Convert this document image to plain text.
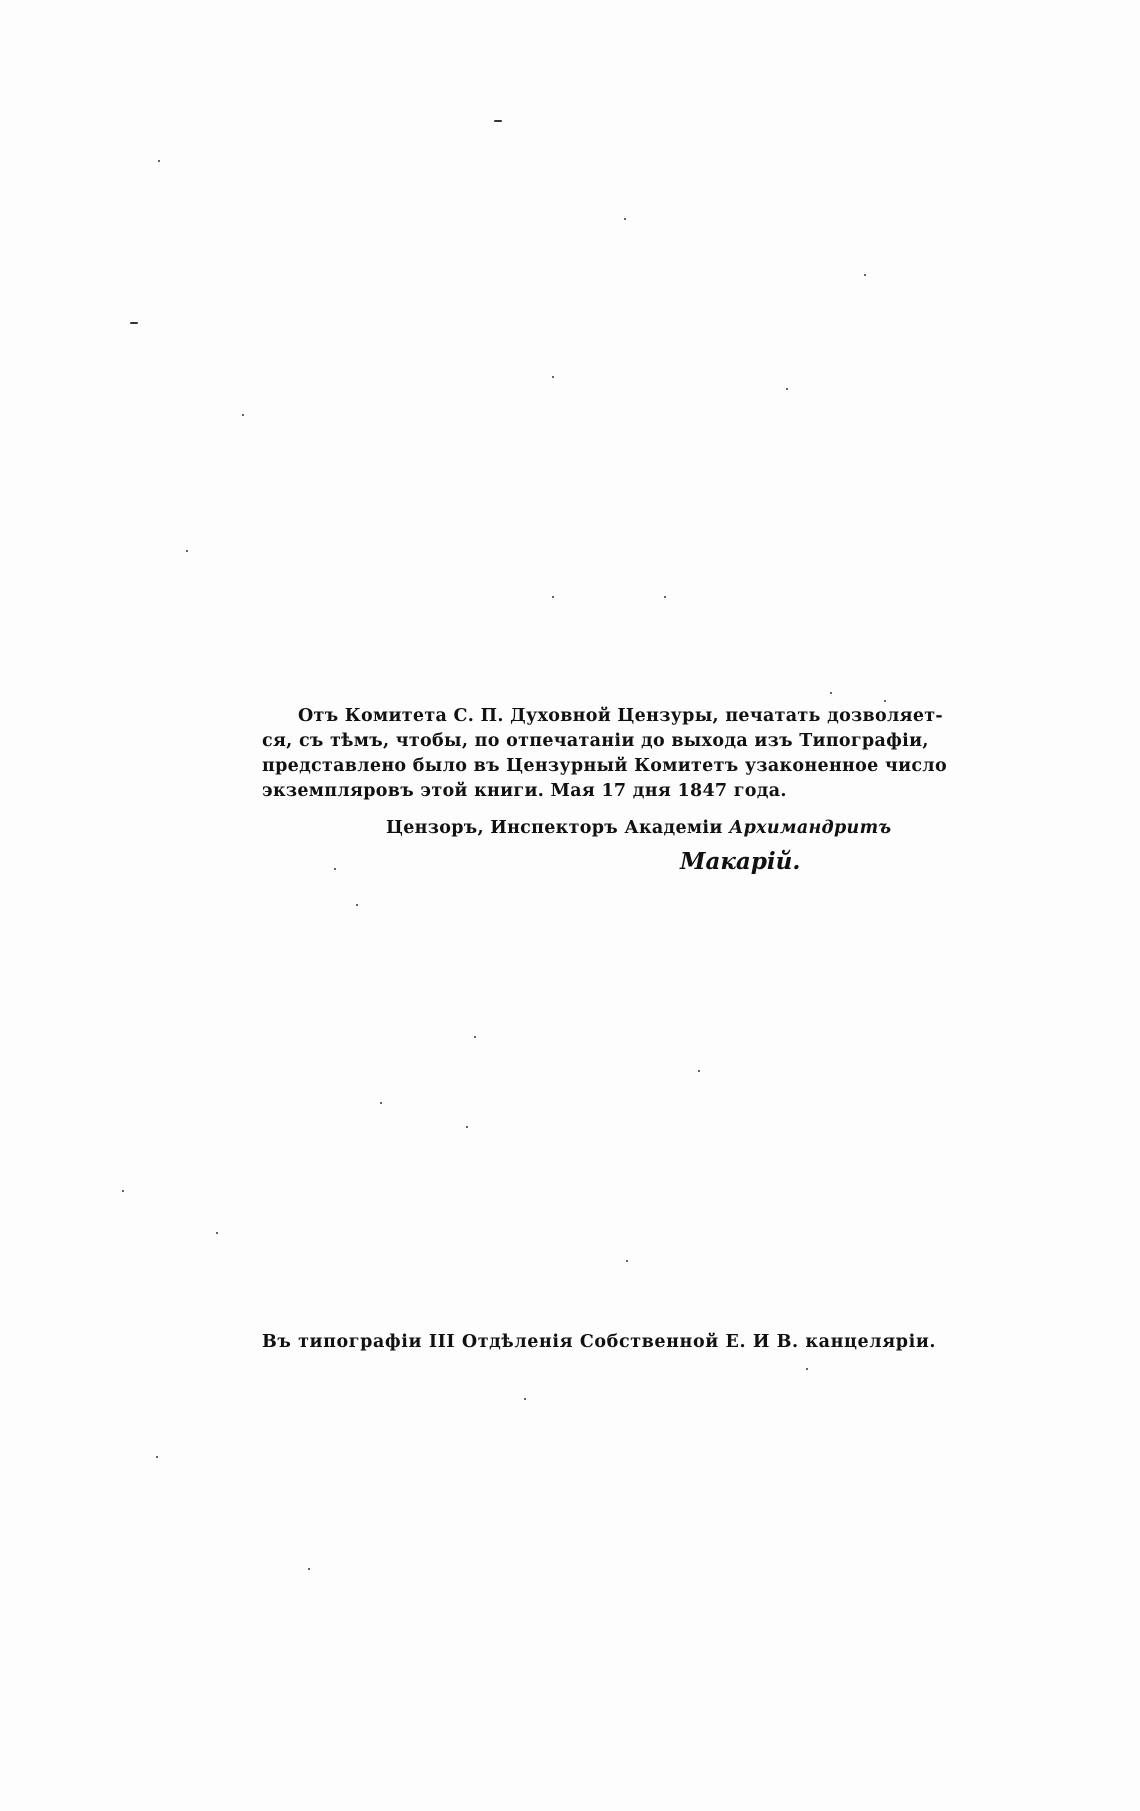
Отъ Комитета С. П. Духовной Цензуры, печатать дозволяет-
ся, съ тѣмъ, чтобы, по отпечатанiи до выхода изъ Типографiи,
представлено было въ Цензурный Комитетъ узаконенное число
экземпляровъ этой книги. Мая 17 дня 1847 года.
Цензоръ, Инспекторъ Академiи Архимандритъ
Макарiй.
Въ типографiи III Отдѣленiя Собственной Е. И В. канцелярiи.
